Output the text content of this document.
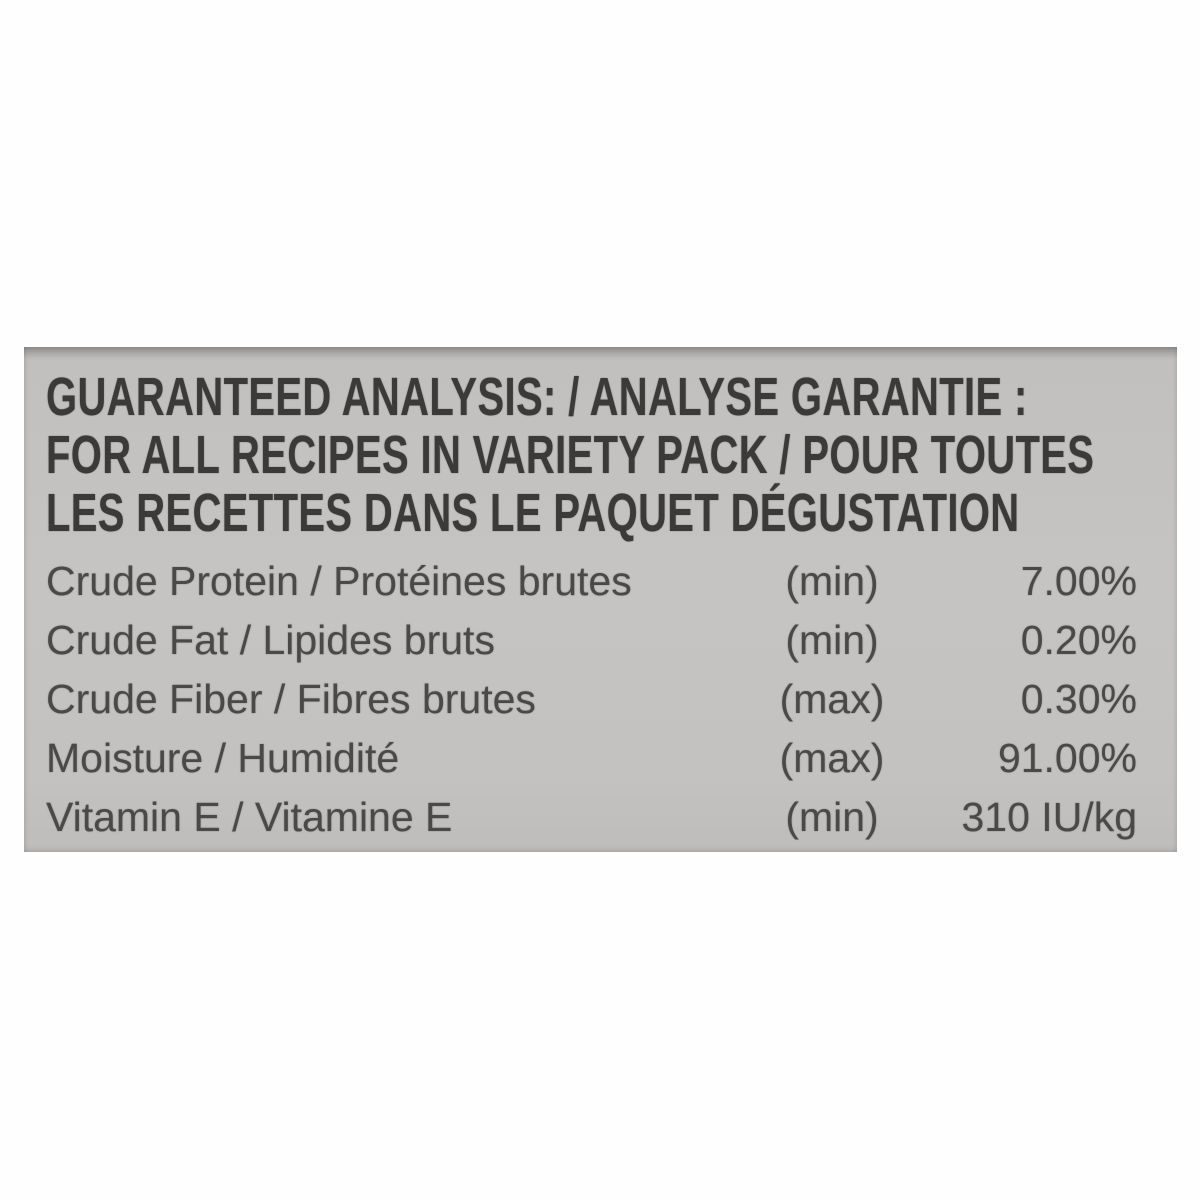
GUARANTEED ANALYSIS: / ANALYSE GARANTIE :
FOR ALL RECIPES IN VARIETY PACK / POUR TOUTES
LES RECETTES DANS LE PAQUET DÉGUSTATION
Crude Protein / Protéines brutes	(min)	7.00%
Crude Fat / Lipides bruts	(min)	0.20%
Crude Fiber / Fibres brutes	(max)	0.30%
Moisture / Humidité	(max)	91.00%
Vitamin E / Vitamine E	(min)	310 IU/kg
